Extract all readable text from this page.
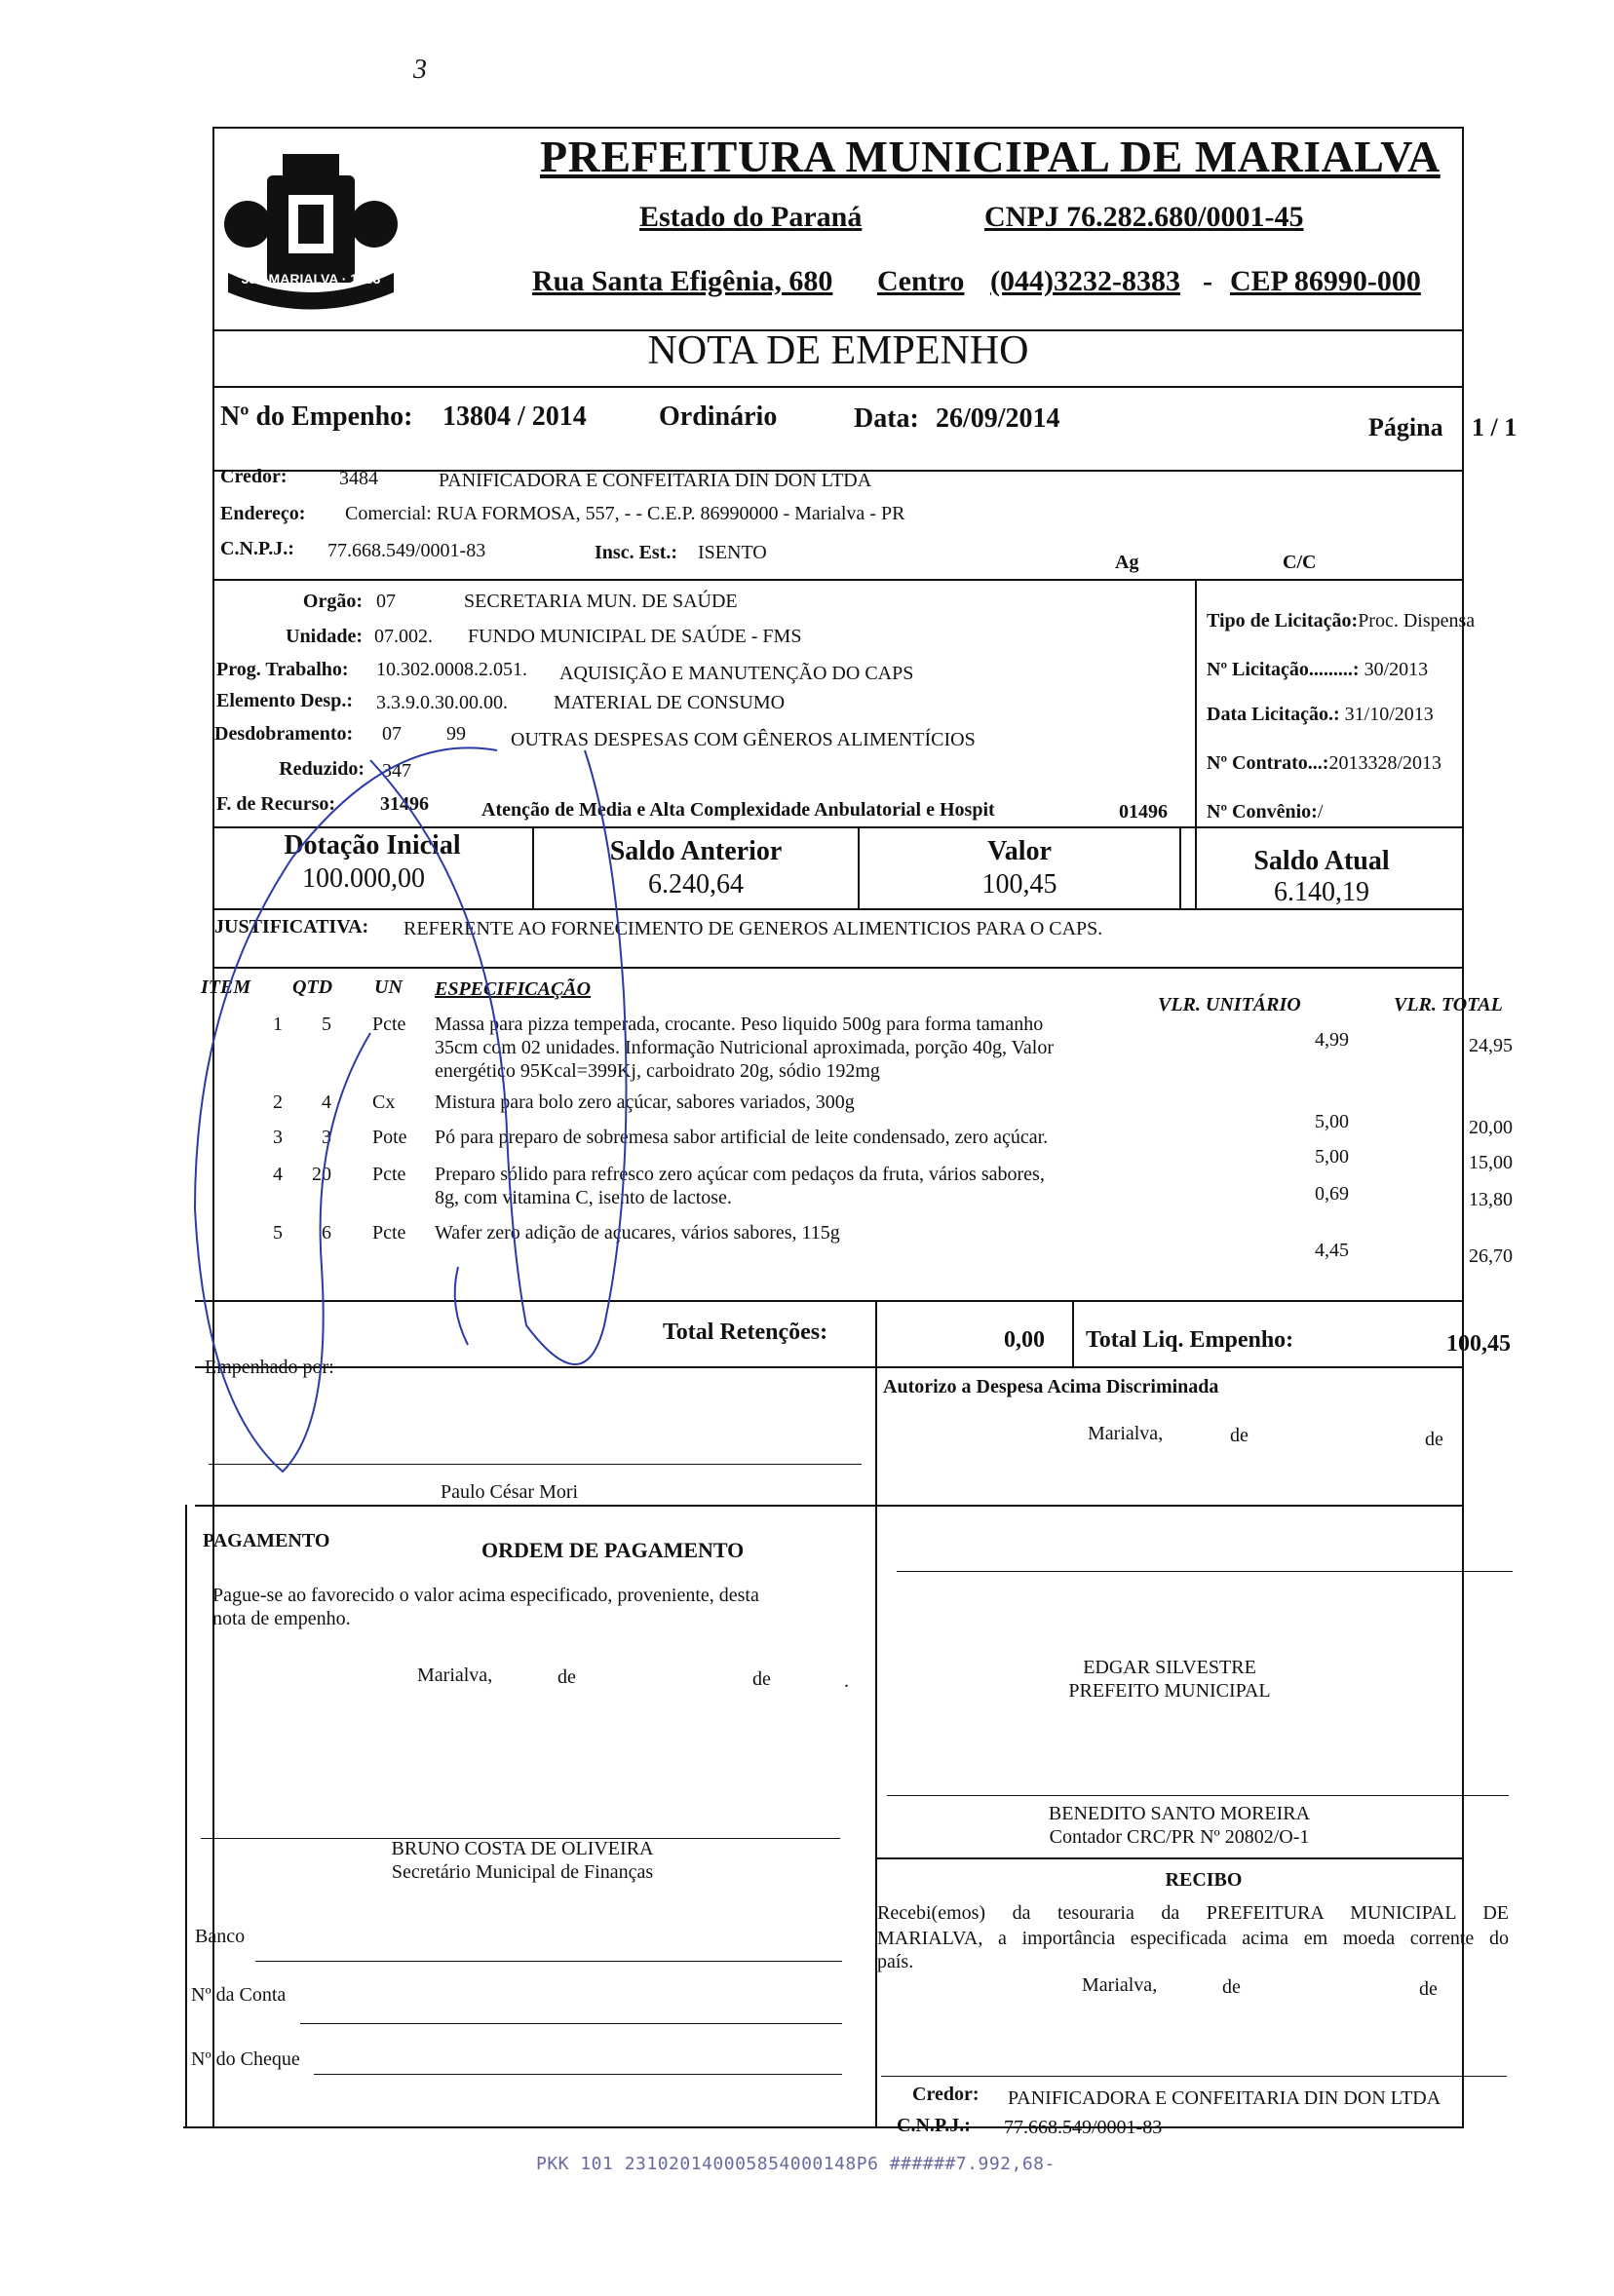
3
35 · MARIALVA · 1953
PREFEITURA MUNICIPAL DE MARIALVA
Estado do Paraná	CNPJ 76.282.680/0001-45
Rua Santa Efigênia, 680 Centro (044)3232-8383 - CEP 86990-000
NOTA DE EMPENHO
Nº do Empenho: 13804 / 2014	Ordinário	Data: 26/09/2014	Página 1 / 1
Credor:	3484	PANIFICADORA E CONFEITARIA DIN DON LTDA
Endereço: Comercial: RUA FORMOSA, 557, - - C.E.P. 86990000 - Marialva - PR
C.N.P.J.: 77.668.549/0001-83	Insc. Est.: ISENTO	Ag	C/C
Orgão: 07	SECRETARIA MUN. DE SAÚDE
Unidade: 07.002. FUNDO MUNICIPAL DE SAÚDE - FMS
Prog. Trabalho: 10.302.0008.2.051. AQUISIÇÃO E MANUTENÇÃO DO CAPS
Elemento Desp.: 3.3.9.0.30.00.00. MATERIAL DE CONSUMO
Desdobramento: 07 99 OUTRAS DESPESAS COM GÊNEROS ALIMENTÍCIOS
Reduzido: 347
F. de Recurso: 31496	Atenção de Media e Alta Complexidade Anbulatorial e Hospit	01496
Tipo de Licitação:Proc. Dispensa
Nº Licitação.........: 30/2013
Data Licitação.: 31/10/2013
Nº Contrato...:2013328/2013
Nº Convênio:/
Dotação Inicial
100.000,00
Saldo Anterior
6.240,64
Valor
100,45
Saldo Atual
6.140,19
JUSTIFICATIVA: REFERENTE AO FORNECIMENTO DE GENEROS ALIMENTICIOS PARA O CAPS.
ITEM QTD UN ESPECIFICAÇÃO
VLR. UNITÁRIO	VLR. TOTAL
1	5 Pcte Massa para pizza temperada, crocante. Peso liquido 500g para forma tamanho
35cm com 02 unidades. Informação Nutricional aproximada, porção 40g, Valor
energético 95Kcal=399Kj, carboidrato 20g, sódio 192mg
4,99	24,95
2	4 Cx Mistura para bolo zero açúcar, sabores variados, 300g
5,00	20,00
3	3 Pote Pó para preparo de sobremesa sabor artificial de leite condensado, zero açúcar.
5,00	15,00
4	20 Pcte Preparo sólido para refresco zero açúcar com pedaços da fruta, vários sabores,
8g, com vitamina C, isento de lactose.	0,69	13,80
5	6 Pcte Wafer zero adição de açucares, vários sabores, 115g
4,45	26,70
Total Retenções:	0,00 Total Liq. Empenho:	100,45
Empenhado por:
Paulo César Mori
Autorizo a Despesa Acima Discriminada
Marialva,	de	de
PAGAMENTO	ORDEM DE PAGAMENTO
Pague-se ao favorecido o valor acima especificado, proveniente, desta
nota de empenho.
Marialva,	de	de	.
EDGAR SILVESTRE
PREFEITO MUNICIPAL
BENEDITO SANTO MOREIRA
Contador CRC/PR Nº 20802/O-1
BRUNO COSTA DE OLIVEIRA
Secretário Municipal de Finanças	RECIBO
Recebi(emos) da tesouraria da PREFEITURA MUNICIPAL DE
MARIALVA, a importância especificada acima em moeda corrente do
país.
Marialva,	de	de
Credor: PANIFICADORA E CONFEITARIA DIN DON LTDA
C.N.P.J.: 77.668.549/0001-83
Banco
Nº da Conta
Nº do Cheque
PKK 101 231020140005854000148P6 ######7.992,68-
